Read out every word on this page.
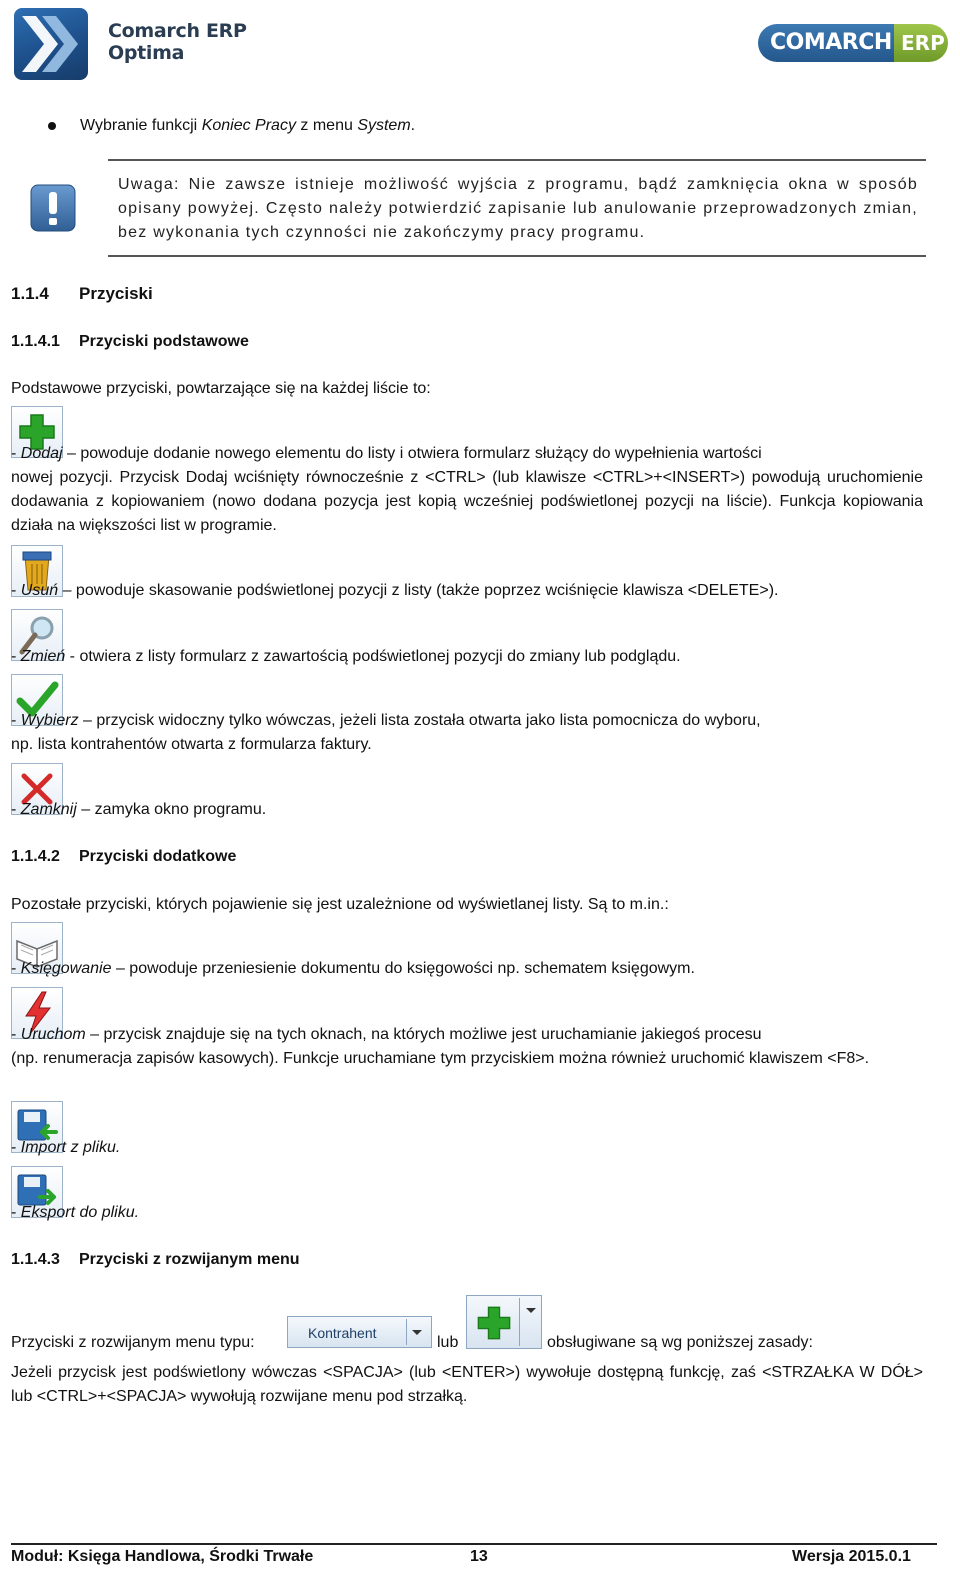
Comarch ERP
Optima	COMARCH ERP
Wybranie funkcji Koniec Pracy z menu System.
Uwaga: Nie zawsze istnieje możliwość wyjścia z programu, bądź zamknięcia okna w sposób opisany powyżej. Często należy potwierdzić zapisanie lub anulowanie przeprowadzonych zmian, bez wykonania tych czynności nie zakończymy pracy programu.
1.1.4 Przyciski
1.1.4.1 Przyciski podstawowe
Podstawowe przyciski, powtarzające się na każdej liście to:
- Dodaj – powoduje dodanie nowego elementu do listy i otwiera formularz służący do wypełnienia wartości
nowej pozycji. Przycisk Dodaj wciśnięty równocześnie z <CTRL> (lub klawisze <CTRL>+<INSERT>) powodują uruchomienie dodawania z kopiowaniem (nowo dodana pozycja jest kopią wcześniej podświetlonej pozycji na liście). Funkcja kopiowania działa na większości list w programie.
- Usuń – powoduje skasowanie podświetlonej pozycji z listy (także poprzez wciśnięcie klawisza <DELETE>).
- Zmień - otwiera z listy formularz z zawartością podświetlonej pozycji do zmiany lub podglądu.
- Wybierz – przycisk widoczny tylko wówczas, jeżeli lista została otwarta jako lista pomocnicza do wyboru,
np. lista kontrahentów otwarta z formularza faktury.
- Zamknij – zamyka okno programu.
1.1.4.2 Przyciski dodatkowe
Pozostałe przyciski, których pojawienie się jest uzależnione od wyświetlanej listy. Są to m.in.:
- Księgowanie – powoduje przeniesienie dokumentu do księgowości np. schematem księgowym.
- Uruchom – przycisk znajduje się na tych oknach, na których możliwe jest uruchamianie jakiegoś procesu
(np. renumeracja zapisów kasowych). Funkcje uruchamiane tym przyciskiem można również uruchomić klawiszem <F8>.
- Import z pliku.
- Eksport do pliku.
1.1.4.3 Przyciski z rozwijanym menu
Przyciski z rozwijanym menu typu:
Kontrahent
lub	obsługiwane są wg poniższej zasady:
Jeżeli przycisk jest podświetlony wówczas <SPACJA> (lub <ENTER>) wywołuje dostępną funkcję, zaś <STRZAŁKA W DÓŁ> lub <CTRL>+<SPACJA> wywołują rozwijane menu pod strzałką.
Moduł: Księga Handlowa, Środki Trwałe	13	Wersja 2015.0.1
